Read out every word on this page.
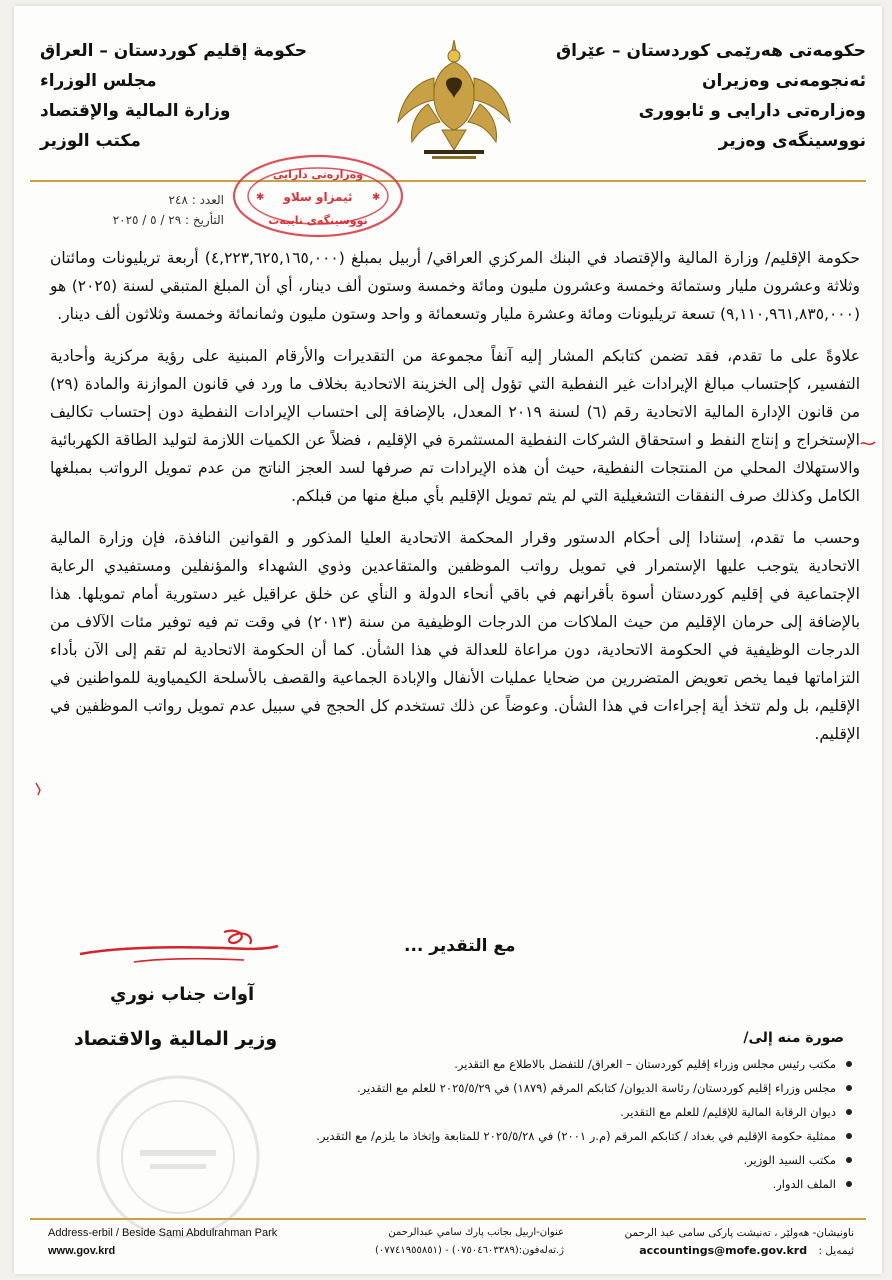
حکومەتی هەرێمی کوردستان – عێراق
ئەنجومەنی وەزیران
وەزارەتی دارایی و ئابووری
نووسینگەی وەزیر
حكومة إقليم كوردستان – العراق
مجلس الوزراء
وزارة المالية والإقتصاد
مكتب الوزير
العدد : ٢٤٨
التأريخ : ٢٩ / ٥ / ٢٠٢٥
وەزارەتی دارایی
ئیمزاو سلاو
نووسینگەی تایبەت
✱	✱

حكومة الإقليم/ وزارة المالية والإقتصاد في البنك المركزي العراقي/ أربيل بمبلغ (٤,٢٢٣,٦٢٥,١٦٥,٠٠٠) أربعة تريليونات ومائتان وثلاثة وعشرون مليار وستمائة وخمسة وعشرون مليون ومائة وخمسة وستون ألف دينار، أي أن المبلغ المتبقي لسنة (٢٠٢٥) هو (٩,١١٠,٩٦١,٨٣٥,٠٠٠) تسعة تريليونات ومائة وعشرة مليار وتسعمائة و واحد وستون مليون وثمانمائة وخمسة وثلاثون ألف دينار.

علاوةً على ما تقدم، فقد تضمن كتابكم المشار إليه آنفاً مجموعة من التقديرات والأرقام المبنية على رؤية مركزية وأحادية التفسير، كإحتساب مبالغ الإيرادات غير النفطية التي تؤول إلى الخزينة الاتحادية بخلاف ما ورد في قانون الموازنة والمادة (٢٩) من قانون الإدارة المالية الاتحادية رقم (٦) لسنة ٢٠١٩ المعدل، بالإضافة إلى احتساب الإيرادات النفطية دون إحتساب تكاليف الإستخراج و إنتاج النفط و استحقاق الشركات النفطية المستثمرة في الإقليم ، فضلاً عن الكميات اللازمة لتوليد الطاقة الكهربائية والاستهلاك المحلي من المنتجات النفطية، حيث أن هذه الإيرادات تم صرفها لسد العجز الناتج من عدم تمويل الرواتب بمبلغها الكامل وكذلك صرف النفقات التشغيلية التي لم يتم تمويل الإقليم بأي مبلغ منها من قبلكم.

وحسب ما تقدم، إستنادا إلى أحكام الدستور وقرار المحكمة الاتحادية العليا المذكور و القوانين النافذة، فإن وزارة المالية الاتحادية يتوجب عليها الإستمرار في تمويل رواتب الموظفين والمتقاعدين وذوي الشهداء والمؤنفلين ومستفيدي الرعاية الإجتماعية في إقليم كوردستان أسوة بأقرانهم في باقي أنحاء الدولة و النأي عن خلق عراقيل غير دستورية أمام تمويلها. هذا بالإضافة إلى حرمان الإقليم من حيث الملاكات من الدرجات الوظيفية من سنة (٢٠١٣) في وقت تم فيه توفير مئات الآلاف من الدرجات الوظيفية في الحكومة الاتحادية، دون مراعاة للعدالة في هذا الشأن. كما أن الحكومة الاتحادية لم تقم إلى الآن بأداء التزاماتها فيما يخص تعويض المتضررين من ضحايا عمليات الأنفال والإبادة الجماعية والقصف بالأسلحة الكيمياوية للمواطنين في الإقليم، بل ولم تتخذ أية إجراءات في هذا الشأن. وعوضاً عن ذلك تستخدم كل الحجج في سبيل عدم تمويل رواتب الموظفين في الإقليم.

مع التقدير ...
آوات جناب نوري
وزير المالية والاقتصاد	صورة منه إلى/
مكتب رئيس مجلس وزراء إقليم كوردستان – العراق/ للتفضل بالاطلاع مع التقدير.
مجلس وزراء إقليم كوردستان/ رئاسة الديوان/ كتابكم المرقم (١٨٧٩) في ٢٠٢٥/٥/٢٩ للعلم مع التقدير.
ديوان الرقابة المالية للإقليم/ للعلم مع التقدير.
ممثلية حكومة الإقليم في بغداد / كتابكم المرقم (م.ر ٢٠٠١) في ٢٠٢٥/٥/٢٨ للمتابعة وإتخاذ ما يلزم/ مع التقدير.
مكتب السيد الوزير.
الملف الدوار.
Address-erbil / Beside Sami Abdulrahman Park
www.gov.krd
عنوان-اربيل بجانب پارك سامي عبدالرحمن
ژ.تەلەفون:(٠٧٥٠٤٦٠٣٣٨٩) - (٠٧٧٤١٩٥٥٨٥١)
ناونیشان- هەولێر ، تەنیشت پاركی سامی عبد الرحمن
ئیمەیل : accountings@mofe.gov.krd
